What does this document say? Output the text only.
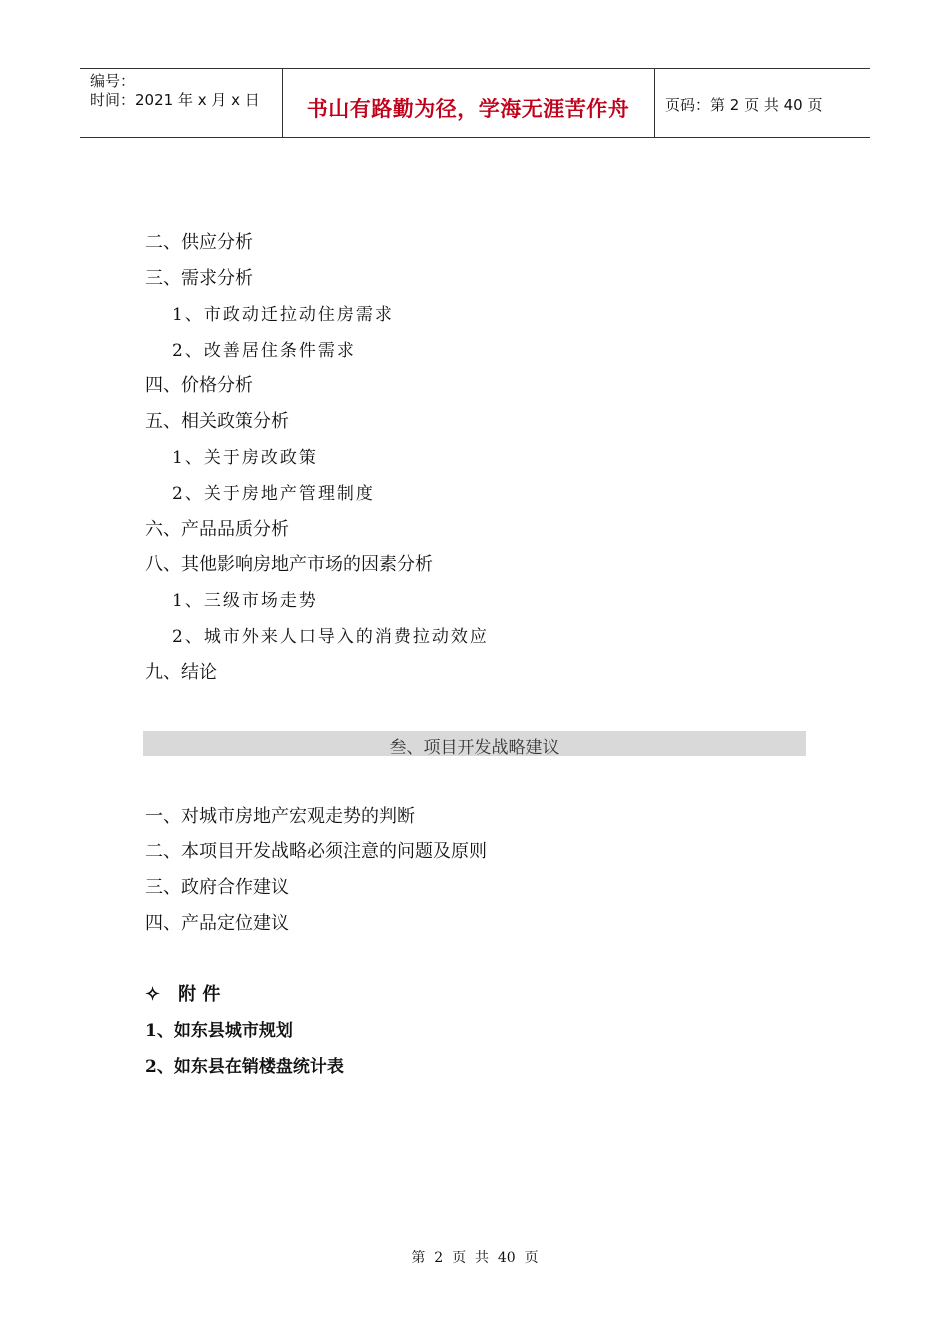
编号：
时间：2021 年 x 月 x 日	书山有路勤为径，学海无涯苦作舟	页码：第 2 页 共 40 页
二、供应分析
三、需求分析
1、市政动迁拉动住房需求
2、改善居住条件需求
四、价格分析
五、相关政策分析
1、关于房改政策
2、关于房地产管理制度
六、产品品质分析
八、其他影响房地产市场的因素分析
1、三级市场走势
2、城市外来人口导入的消费拉动效应
九、结论
叁、项目开发战略建议
一、对城市房地产宏观走势的判断
二、本项目开发战略必须注意的问题及原则
三、政府合作建议
四、产品定位建议
✧　附 件
1、如东县城市规划
2、如东县在销楼盘统计表
第  2  页  共  40  页
